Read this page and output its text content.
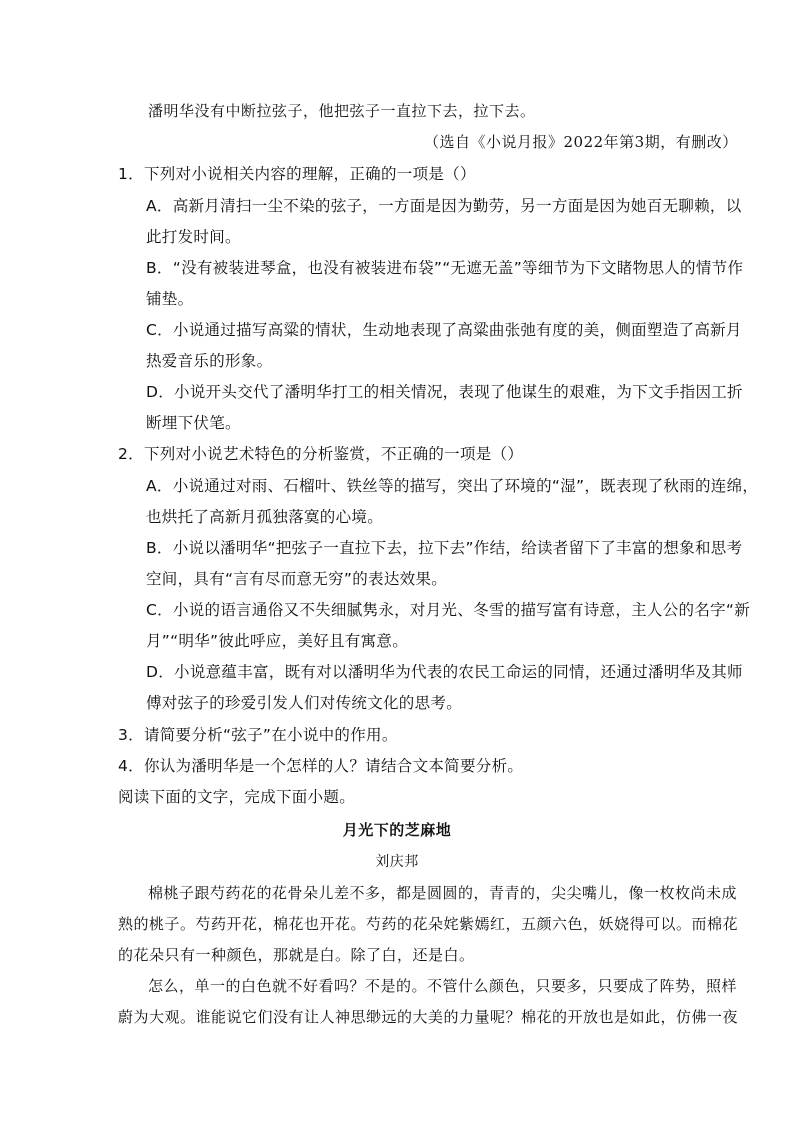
潘明华没有中断拉弦子，他把弦子一直拉下去，拉下去。
（选自《小说月报》2022年第3期，有删改）
1．下列对小说相关内容的理解，正确的一项是（）
A．高新月清扫一尘不染的弦子，一方面是因为勤劳，另一方面是因为她百无聊赖，以
此打发时间。
B．“没有被装进琴盒，也没有被装进布袋”“无遮无盖”等细节为下文睹物思人的情节作
铺垫。
C．小说通过描写高粱的情状，生动地表现了高粱曲张弛有度的美，侧面塑造了高新月
热爱音乐的形象。
D．小说开头交代了潘明华打工的相关情况，表现了他谋生的艰难，为下文手指因工折
断埋下伏笔。
2．下列对小说艺术特色的分析鉴赏，不正确的一项是（）
A．小说通过对雨、石榴叶、铁丝等的描写，突出了环境的“湿”，既表现了秋雨的连绵，
也烘托了高新月孤独落寞的心境。
B．小说以潘明华“把弦子一直拉下去，拉下去”作结，给读者留下了丰富的想象和思考
空间，具有“言有尽而意无穷”的表达效果。
C．小说的语言通俗又不失细腻隽永，对月光、冬雪的描写富有诗意，主人公的名字“新
月”“明华”彼此呼应，美好且有寓意。
D．小说意蕴丰富，既有对以潘明华为代表的农民工命运的同情，还通过潘明华及其师
傅对弦子的珍爱引发人们对传统文化的思考。
3．请简要分析“弦子”在小说中的作用。
4．你认为潘明华是一个怎样的人？请结合文本简要分析。
阅读下面的文字，完成下面小题。
月光下的芝麻地
刘庆邦
棉桃子跟芍药花的花骨朵儿差不多，都是圆圆的，青青的，尖尖嘴儿，像一枚枚尚未成
熟的桃子。芍药开花，棉花也开花。芍药的花朵姹紫嫣红，五颜六色，妖娆得可以。而棉花
的花朵只有一种颜色，那就是白。除了白，还是白。
怎么，单一的白色就不好看吗？不是的。不管什么颜色，只要多，只要成了阵势，照样
蔚为大观。谁能说它们没有让人神思缈远的大美的力量呢？棉花的开放也是如此，仿佛一夜
